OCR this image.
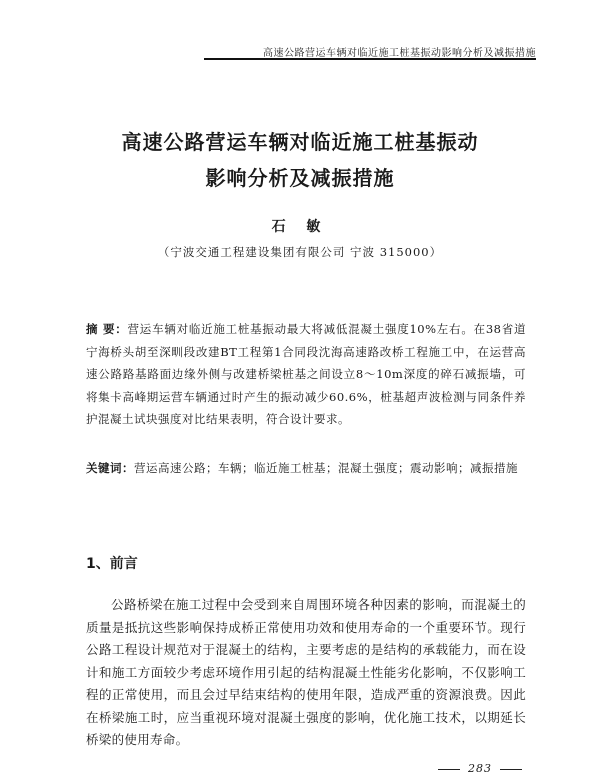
高速公路营运车辆对临近施工桩基振动影响分析及减振措施
高速公路营运车辆对临近施工桩基振动
影响分析及减振措施
石 敏
（宁波交通工程建设集团有限公司 宁波 315000）
摘 要：营运车辆对临近施工桩基振动最大将减低混凝土强度10%左右。在38省道宁海桥头胡至深甽段改建BT工程第1合同段沈海高速路改桥工程施工中，在运营高速公路路基路面边缘外侧与改建桥梁桩基之间设立8～10m深度的碎石减振墙，可将集卡高峰期运营车辆通过时产生的振动减少60.6%，桩基超声波检测与同条件养护混凝土试块强度对比结果表明，符合设计要求。
关键词：营运高速公路；车辆；临近施工桩基；混凝土强度；震动影响；减振措施
1、前言

公路桥梁在施工过程中会受到来自周围环境各种因素的影响，而混凝土的质量是抵抗这些影响保持成桥正常使用功效和使用寿命的一个重要环节。现行公路工程设计规范对于混凝土的结构，主要考虑的是结构的承载能力，而在设计和施工方面较少考虑环境作用引起的结构混凝土性能劣化影响，不仅影响工程的正常使用，而且会过早结束结构的使用年限，造成严重的资源浪费。因此在桥梁施工时，应当重视环境对混凝土强度的影响，优化施工技术，以期延长桥梁的使用寿命。

283
